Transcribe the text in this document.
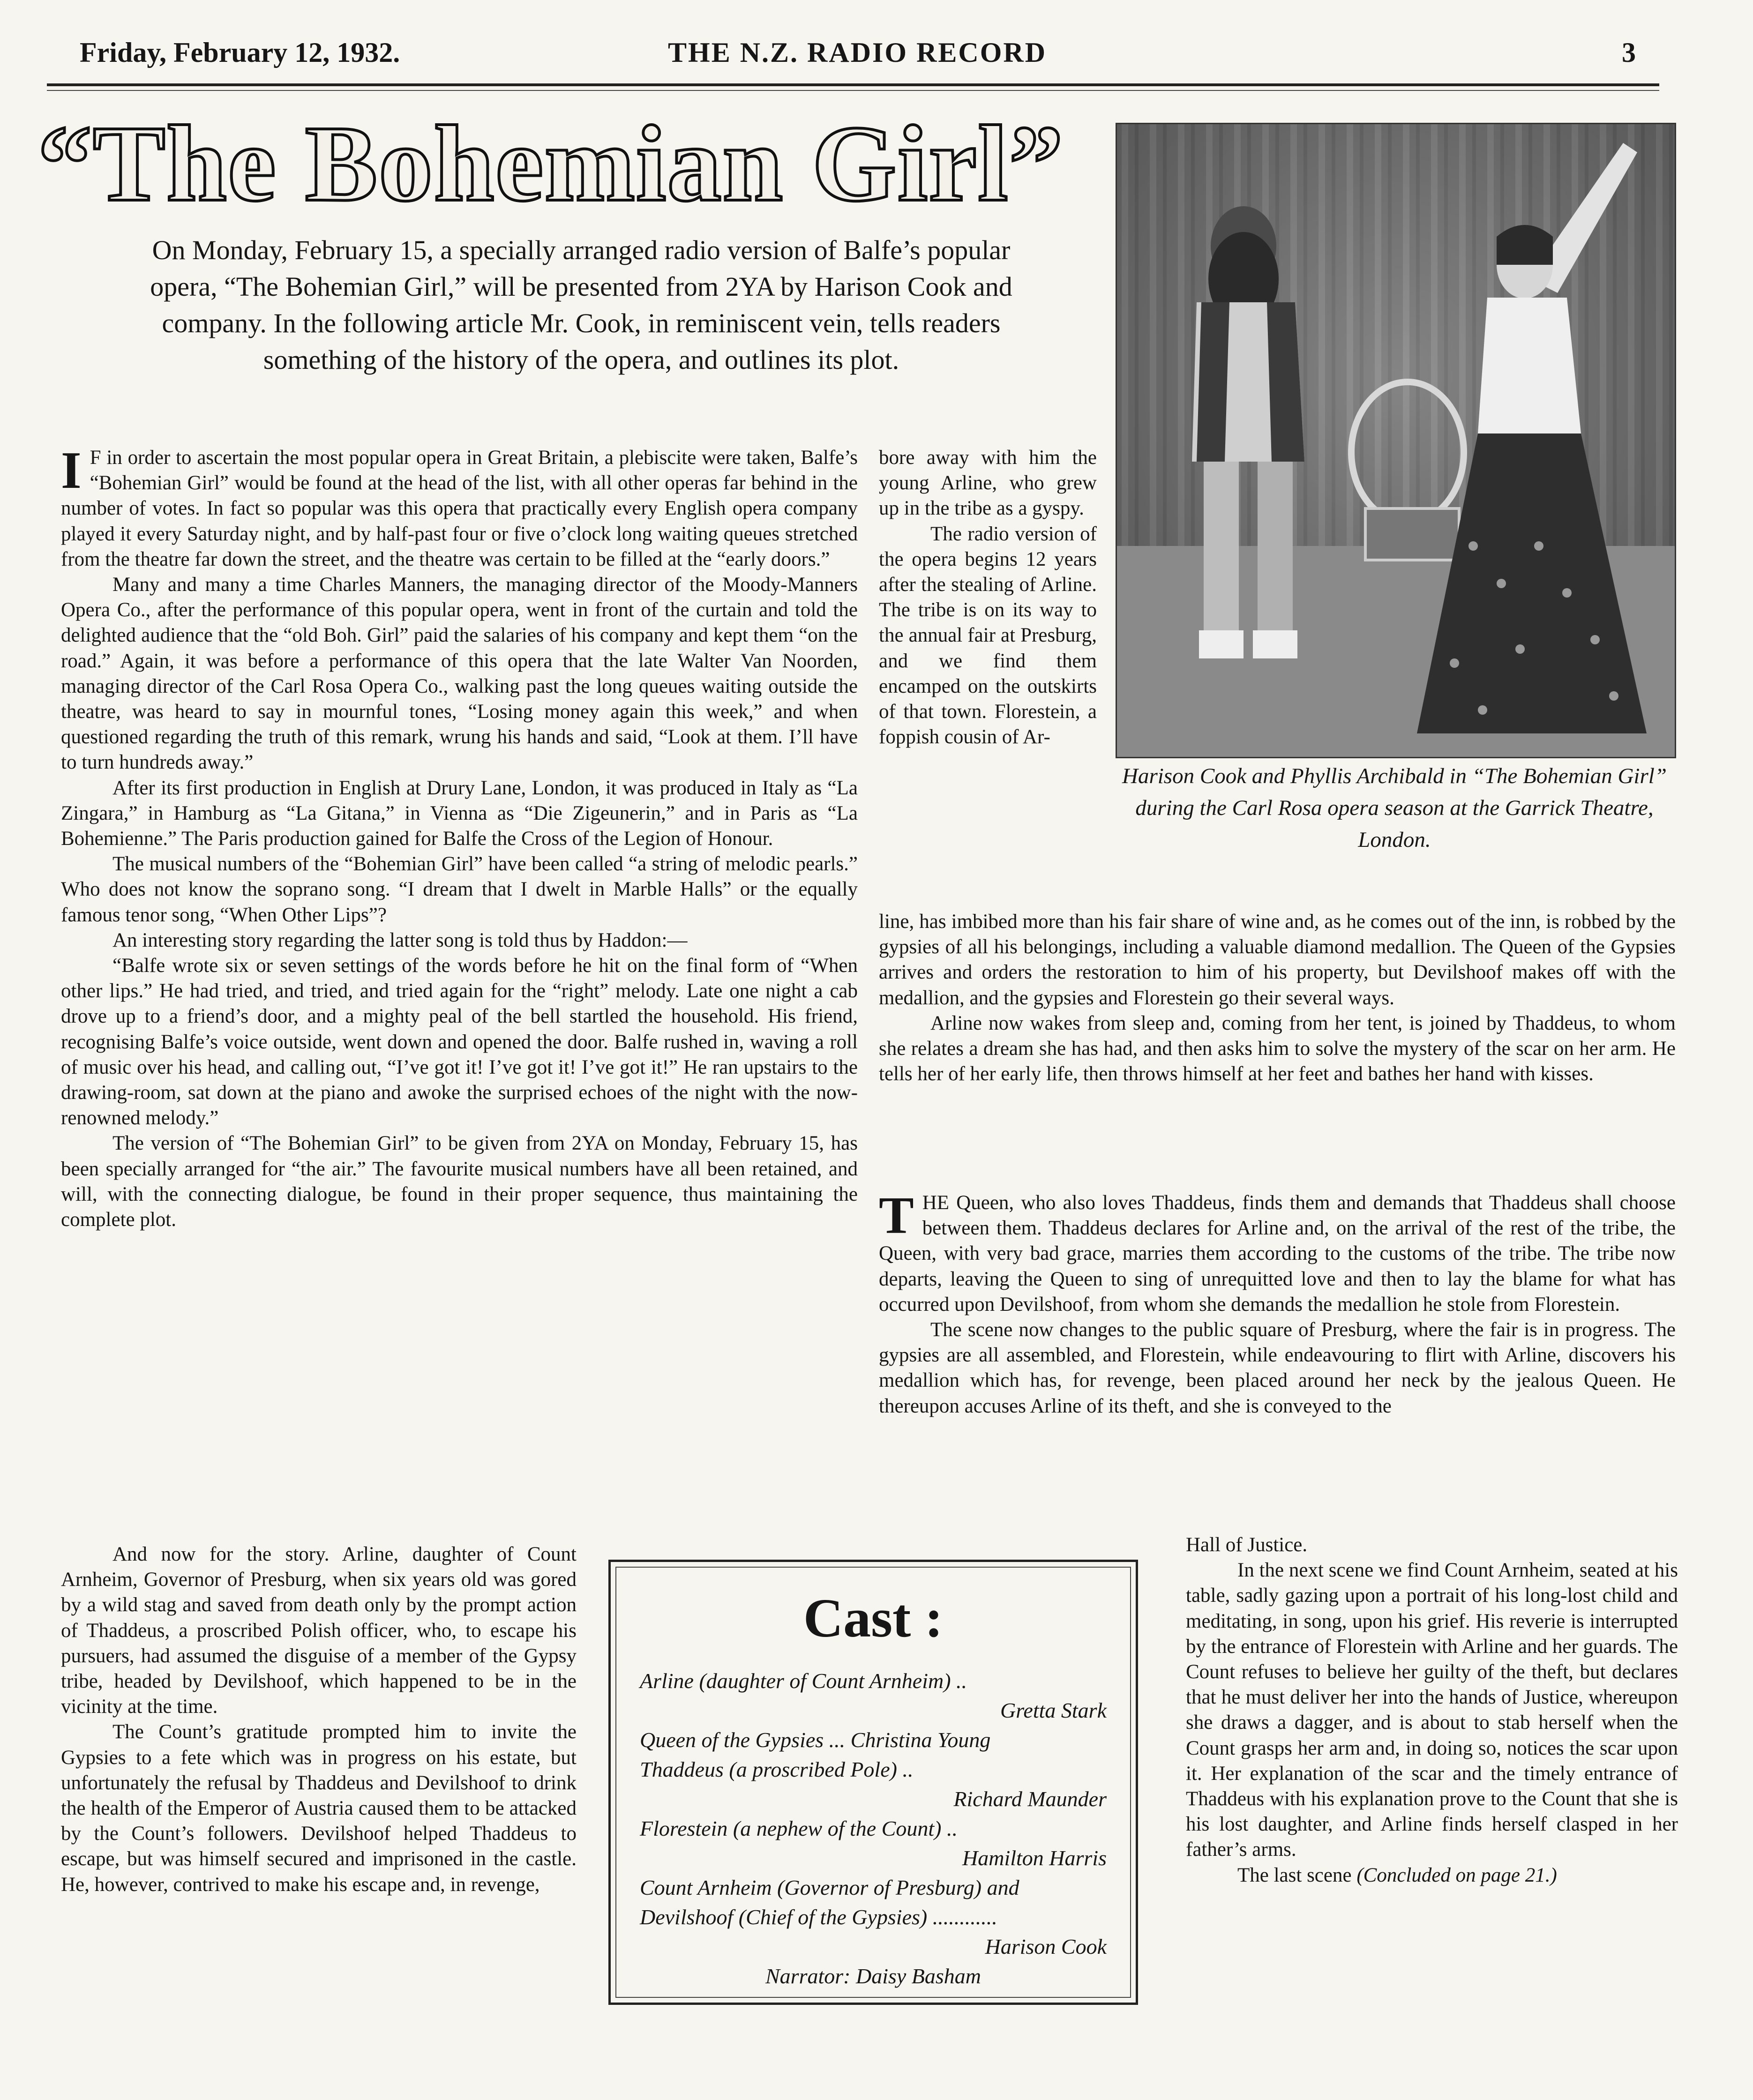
Friday, February 12, 1932.	THE N.Z. RADIO RECORD	3
“The Bohemian Girl”

On Monday, February 15, a specially arranged radio version of Balfe’s popular opera, “The Bohemian Girl,” will be presented from 2YA by Harison Cook and company. In the following article Mr. Cook, in reminiscent vein, tells readers something of the history of the opera, and outlines its plot.

I F in order to ascertain the most popular opera in Great Britain, a plebiscite were taken, Balfe’s “Bohemian Girl” would be found at the head of the list, with all other operas far behind in the number of votes. In fact so popular was this opera that practically every English opera company played it every Saturday night, and by half-past four or five o’clock long waiting queues stretched from the theatre far down the street, and the theatre was certain to be filled at the “early doors.”

Many and many a time Charles Manners, the managing director of the Moody-Manners Opera Co., after the performance of this popular opera, went in front of the curtain and told the delighted audience that the “old Boh. Girl” paid the salaries of his company and kept them “on the road.” Again, it was before a performance of this opera that the late Walter Van Noorden, managing director of the Carl Rosa Opera Co., walking past the long queues waiting outside the theatre, was heard to say in mournful tones, “Losing money again this week,” and when questioned regarding the truth of this remark, wrung his hands and said, “Look at them. I’ll have to turn hundreds away.”

After its first production in English at Drury Lane, London, it was produced in Italy as “La Zingara,” in Hamburg as “La Gitana,” in Vienna as “Die Zigeunerin,” and in Paris as “La Bohemienne.” The Paris production gained for Balfe the Cross of the Legion of Honour.

The musical numbers of the “Bohemian Girl” have been called “a string of melodic pearls.” Who does not know the soprano song. “I dream that I dwelt in Marble Halls” or the equally famous tenor song, “When Other Lips”?

An interesting story regarding the latter song is told thus by Haddon:—

“Balfe wrote six or seven settings of the words before he hit on the final form of “When other lips.” He had tried, and tried, and tried again for the “right” melody. Late one night a cab drove up to a friend’s door, and a mighty peal of the bell startled the household. His friend, recognising Balfe’s voice outside, went down and opened the door. Balfe rushed in, waving a roll of music over his head, and calling out, “I’ve got it! I’ve got it! I’ve got it!” He ran upstairs to the drawing-room, sat down at the piano and awoke the surprised echoes of the night with the now-renowned melody.”

The version of “The Bohemian Girl” to be given from 2YA on Monday, February 15, has been specially arranged for “the air.” The favourite musical numbers have all been retained, and will, with the connecting dialogue, be found in their proper sequence, thus maintaining the complete plot.

And now for the story. Arline, daughter of Count Arnheim, Governor of Presburg, when six years old was gored by a wild stag and saved from death only by the prompt action of Thaddeus, a proscribed Polish officer, who, to escape his pursuers, had assumed the disguise of a member of the Gypsy tribe, headed by Devilshoof, which happened to be in the vicinity at the time.

The Count’s gratitude prompted him to invite the Gypsies to a fete which was in progress on his estate, but unfortunately the refusal by Thaddeus and Devilshoof to drink the health of the Emperor of Austria caused them to be attacked by the Count’s followers. Devilshoof helped Thaddeus to escape, but was himself secured and imprisoned in the castle. He, however, contrived to make his escape and, in revenge,

bore away with him the young Arline, who grew up in the tribe as a gyspy.

The radio version of the opera begins 12 years after the stealing of Arline. The tribe is on its way to the annual fair at Presburg, and we find them encamped on the outskirts of that town. Florestein, a foppish cousin of Ar-

line, has imbibed more than his fair share of wine and, as he comes out of the inn, is robbed by the gypsies of all his belongings, including a valuable diamond medallion. The Queen of the Gypsies arrives and orders the restoration to him of his property, but Devilshoof makes off with the medallion, and the gypsies and Florestein go their several ways.

Arline now wakes from sleep and, coming from her tent, is joined by Thaddeus, to whom she relates a dream she has had, and then asks him to solve the mystery of the scar on her arm. He tells her of her early life, then throws himself at her feet and bathes her hand with kisses.

THE Queen, who also loves Thaddeus, finds them and demands that Thaddeus shall choose between them. Thaddeus declares for Arline and, on the arrival of the rest of the tribe, the Queen, with very bad grace, marries them according to the customs of the tribe. The tribe now departs, leaving the Queen to sing of unrequitted love and then to lay the blame for what has occurred upon Devilshoof, from whom she demands the medallion he stole from Florestein.

The scene now changes to the public square of Presburg, where the fair is in progress. The gypsies are all assembled, and Florestein, while endeavouring to flirt with Arline, discovers his medallion which has, for revenge, been placed around her neck by the jealous Queen. He thereupon accuses Arline of its theft, and she is conveyed to the

Hall of Justice.

In the next scene we find Count Arnheim, seated at his table, sadly gazing upon a portrait of his long-lost child and meditating, in song, upon his grief. His reverie is interrupted by the entrance of Florestein with Arline and her guards. The Count refuses to believe her guilty of the theft, but declares that he must deliver her into the hands of Justice, whereupon she draws a dagger, and is about to stab herself when the Count grasps her arm and, in doing so, notices the scar upon it. Her explanation of the scar and the timely entrance of Thaddeus with his explanation prove to the Count that she is his lost daughter, and Arline finds herself clasped in her father’s arms.

The last scene (Concluded on page 21.)

Harison Cook and Phyllis Archibald in “The Bohemian Girl” during the Carl Rosa opera season at the Garrick Theatre, London.

Cast :

Arline (daughter of Count Arnheim) ..
Gretta Stark
Queen of the Gypsies ... Christina Young
Thaddeus (a proscribed Pole) ..
Richard Maunder
Florestein (a nephew of the Count) ..
Hamilton Harris
Count Arnheim (Governor of Presburg) and Devilshoof (Chief of the Gypsies) ............
Harison Cook
Narrator: Daisy Basham
